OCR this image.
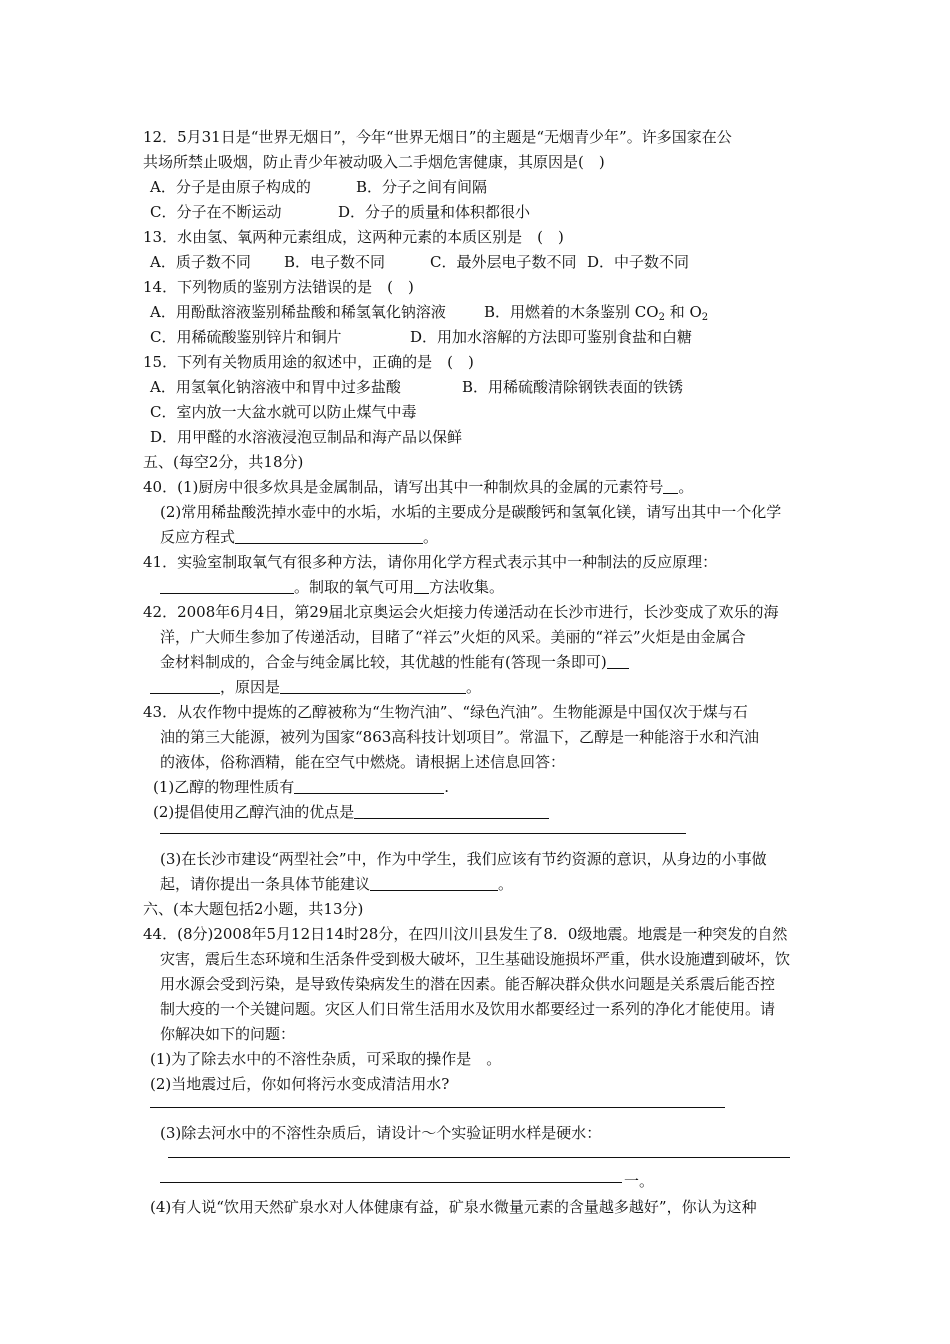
12．5月31日是“世界无烟日”，今年“世界无烟日”的主题是“无烟青少年”。许多国家在公
共场所禁止吸烟，防止青少年被动吸入二手烟危害健康，其原因是(　)
A．分子是由原子构成的	B．分子之间有间隔
C．分子在不断运动	D．分子的质量和体积都很小
13．水由氢、氧两种元素组成，这两种元素的本质区别是　(　)
A．质子数不同 B．电子数不同	C．最外层电子数不同 D．中子数不同
14．下列物质的鉴别方法错误的是　(　)
A．用酚酞溶液鉴别稀盐酸和稀氢氧化钠溶液	B．用燃着的木条鉴别 $CO_2$ 和 $O_2$
C．用稀硫酸鉴别锌片和铜片	D．用加水溶解的方法即可鉴别食盐和白糖
15．下列有关物质用途的叙述中，正确的是　(　)
A．用氢氧化钠溶液中和胃中过多盐酸	B．用稀硫酸清除钢铁表面的铁锈
C．室内放一大盆水就可以防止煤气中毒
D．用甲醛的水溶液浸泡豆制品和海产品以保鲜
五、(每空2分，共18分)
40．(1)厨房中很多炊具是金属制品，请写出其中一种制炊具的金属的元素符号 。
(2)常用稀盐酸洗掉水壶中的水垢，水垢的主要成分是碳酸钙和氢氧化镁，请写出其中一个化学
反应方程式	。
41．实验室制取氧气有很多种方法，请你用化学方程式表示其中一种制法的反应原理：
。制取的氧气可用 方法收集。
42．2008年6月4日，第29届北京奥运会火炬接力传递活动在长沙市进行，长沙变成了欢乐的海
洋，广大师生参加了传递活动，目睹了“祥云”火炬的风采。美丽的“祥云”火炬是由金属合
金材料制成的，合金与纯金属比较，其优越的性能有(答现一条即可)
，原因是	。
43．从农作物中提炼的乙醇被称为“生物汽油”、“绿色汽油”。生物能源是中国仅次于煤与石
油的第三大能源，被列为国家“863高科技计划项目”。常温下，乙醇是一种能溶于水和汽油
的液体，俗称酒精，能在空气中燃烧。请根据上述信息回答：
(1)乙醇的物理性质有	.
(2)提倡使用乙醇汽油的优点是
(3)在长沙市建设“两型社会”中，作为中学生，我们应该有节约资源的意识，从身边的小事做
起，请你提出一条具体节能建议	。
六、(本大题包括2小题，共13分)
44．(8分)2008年5月12日14时28分，在四川汶川县发生了8．0级地震。地震是一种突发的自然
灾害，震后生态环境和生活条件受到极大破坏，卫生基础设施损坏严重，供水设施遭到破坏，饮
用水源会受到污染，是导致传染病发生的潜在因素。能否解决群众供水问题是关系震后能否控
制大疫的一个关键问题。灾区人们日常生活用水及饮用水都要经过一系列的净化才能使用。请
你解决如下的问题：
(1)为了除去水中的不溶性杂质，可采取的操作是　。
(2)当地震过后，你如何将污水变成清洁用水?
(3)除去河水中的不溶性杂质后，请设计～个实验证明水样是硬水：
一。
(4)有人说“饮用天然矿泉水对人体健康有益，矿泉水微量元素的含量越多越好”，你认为这种
